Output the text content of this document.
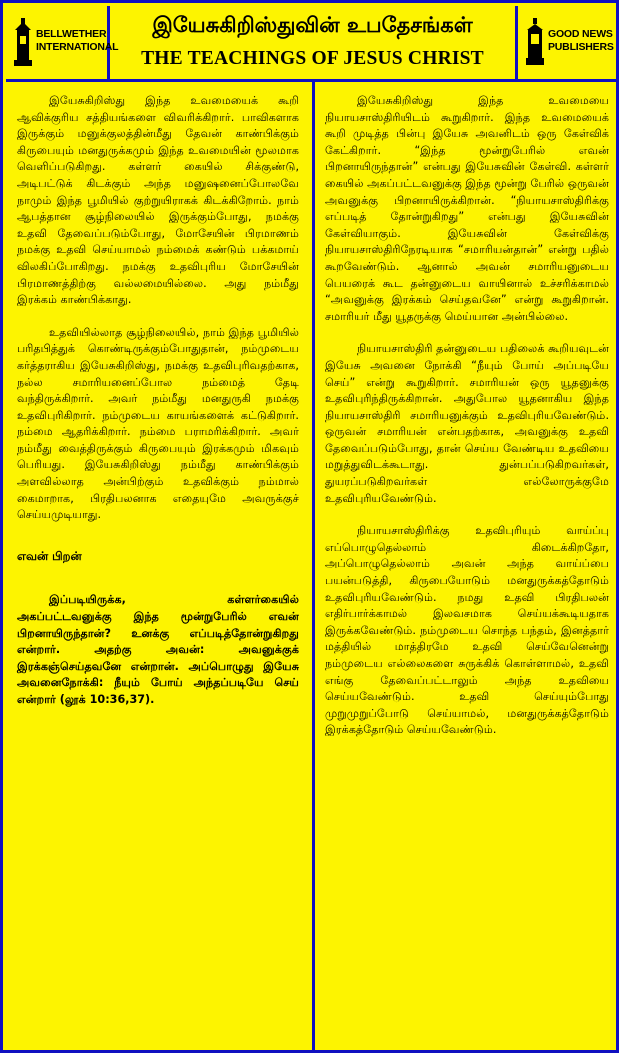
BELLWETHER INTERNATIONAL
இயேசுகிறிஸ்துவின் உபதேசங்கள்
THE TEACHINGS OF JESUS CHRIST
GOOD NEWS PUBLISHERS

இயேசுகிறிஸ்து இந்த உவமையைக் கூறி ஆவிக்குரிய சத்தியங்களை விவரிக்கிறார். பாவிகளாக இருக்கும் மனுக்குலத்தின்மீது தேவன் காண்பிக்கும் கிருபையும் மனதுருக்கமும் இந்த உவமையின் மூலமாக வெளிப்படுகிறது. கள்ளர் கையில் சிக்குண்டு, அடிபட்டுக் கிடக்கும் அந்த மனுஷனைப்போலவே நாமும் இந்த பூமியில் குற்றுயிராகக் கிடக்கிறோம். நாம் ஆபத்தான சூழ்நிலையில் இருக்கும்போது, நமக்கு உதவி தேவைப்படும்போது, மோசேயின் பிரமாணம் நமக்கு உதவி செய்யாமல் நம்மைக் கண்டும் பக்கமாய் விலகிப்போகிறது. நமக்கு உதவிபுரிய மோசேயின் பிரமாணத்திற்கு வல்லமையில்லை. அது நம்மீது இரக்கம் காண்பிக்காது.

உதவியில்லாத சூழ்நிலையில், நாம் இந்த பூமியில் பரிதபித்துக் கொண்டிருக்கும்போதுதான், நம்முடைய கர்த்தராகிய இயேசுகிறிஸ்து, நமக்கு உதவிபுரிவதற்காக, நல்ல சமாரியனைப்போல நம்மைத் தேடி வந்திருக்கிறார். அவர் நம்மீது மனதுருகி நமக்கு உதவிபுரிகிறார். நம்முடைய காயங்களைக் கட்டுகிறார். நம்மை ஆதரிக்கிறார். நம்மை பராமரிக்கிறார். அவர் நம்மீது வைத்திருக்கும் கிருபையும் இரக்கமும் மிகவும் பெரியது. இயேசுகிறிஸ்து நம்மீது காண்பிக்கும் அளவில்லாத அன்பிற்கும் உதவிக்கும் நம்மால் கைமாறாக, பிரதிபலனாக எதையுமே அவருக்குச் செய்யமுடியாது.

எவன் பிறன்

இப்படியிருக்க, கள்ளர்கையில் அகப்பட்டவனுக்கு இந்த மூன்றுபேரில் எவன் பிறனாயிருந்தான்? உனக்கு எப்படித்தோன்றுகிறது என்றார். அதற்கு அவன்: அவனுக்குக் இரக்கஞ்செய்தவனே என்றான். அப்பொழுது இயேசு அவனைநோக்கி: நீயும் போய் அந்தப்படியே செய் என்றார் (லூக் 10:36,37).

இயேசுகிறிஸ்து இந்த உவமையை நியாயசாஸ்திரியிடம் கூறுகிறார். இந்த உவமையைக் கூறி முடித்த பின்பு இயேசு அவனிடம் ஒரு கேள்விக் கேட்கிறார். “இந்த மூன்றுபேரில் எவன் பிறனாயிருந்தான்” என்பது இயேசுவின் கேள்வி. கள்ளர் கையில் அகப்பட்டவனுக்கு இந்த மூன்று பேரில் ஒருவன் அவனுக்கு பிறனாயிருக்கிறான். “நியாயசாஸ்திரிக்கு எப்படித் தோன்றுகிறது” என்பது இயேசுவின் கேள்வியாகும். இயேசுவின் கேள்விக்கு நியாயசாஸ்திரிநேரடியாக “சமாரியன்தான்” என்று பதில் கூறவேண்டும். ஆனால் அவன் சமாரியனுடைய பெயரைக் கூட தன்னுடைய வாயினால் உச்சரிக்காமல் “அவனுக்கு இரக்கம் செய்தவனே” என்று கூறுகிறான். சமாரியர் மீது யூதருக்கு மெய்யான அன்பில்லை.

நியாயசாஸ்திரி தன்னுடைய பதிலைக் கூறியவுடன் இயேசு அவனை நோக்கி “நீயும் போய் அப்படியே செய்” என்று கூறுகிறார். சமாரியன் ஒரு யூதனுக்கு உதவிபுரிந்திருக்கிறான். அதுபோல யூதனாகிய இந்த நியாயசாஸ்திரி சமாரியனுக்கும் உதவிபுரியவேண்டும். ஒருவன் சமாரியன் என்பதற்காக, அவனுக்கு உதவி தேவைப்படும்போது, தான் செய்ய வேண்டிய உதவியை மறுத்துவிடக்கூடாது. துன்பப்படுகிறவர்கள், துயரப்படுகிறவர்கள் எல்லோருக்குமே உதவிபுரியவேண்டும்.

நியாயசாஸ்திரிக்கு உதவிபுரியும் வாய்ப்பு எப்பொழுதெல்லாம் கிடைக்கிறதோ, அப்பொழுதெல்லாம் அவன் அந்த வாய்ப்பை பயன்படுத்தி, கிருபையோடும் மனதுருக்கத்தோடும் உதவிபுரியவேண்டும். நமது உதவி பிரதிபலன் எதிர்பார்க்காமல் இலவசமாக செய்யக்கூடியதாக இருக்கவேண்டும். நம்முடைய சொந்த பந்தம், இனத்தார் மத்தியில் மாத்திரமே உதவி செய்வேனென்று நம்முடைய எல்லைகளை சுருக்கிக் கொள்ளாமல், உதவி எங்கு தேவைப்பட்டாலும் அந்த உதவியை செய்யவேண்டும். உதவி செய்யும்போது முறுமுறுப்போடு செய்யாமல், மனதுருக்கத்தோடும் இரக்கத்தோடும் செய்யவேண்டும்.
